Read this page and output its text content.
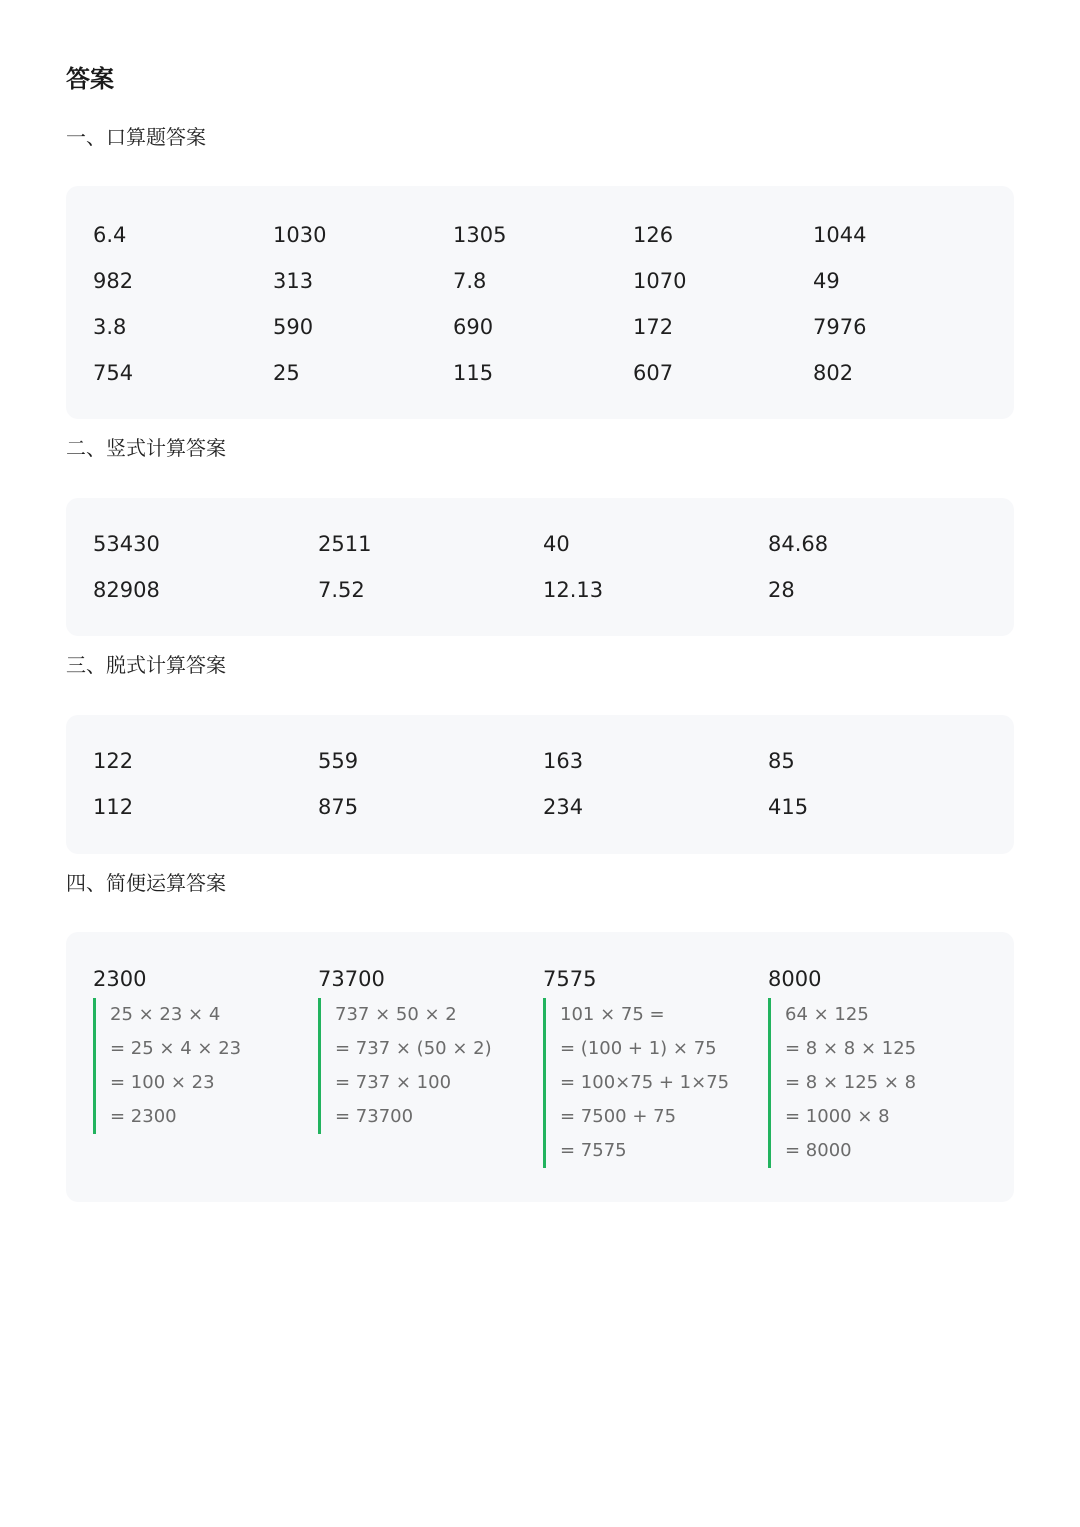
答案
一、口算题答案
6.4	1030	1305	126	1044
982	313	7.8	1070	49
3.8	590	690	172	7976
754	25	115	607	802
二、竖式计算答案
53430	2511	40	84.68
82908	7.52	12.13	28
三、脱式计算答案
122	559	163	85
112	875	234	415
四、简便运算答案
2300
25 × 23 × 4
= 25 × 4 × 23
= 100 × 23
= 2300
73700
737 × 50 × 2
= 737 × (50 × 2)
= 737 × 100
= 73700
7575
101 × 75 =
= (100 + 1) × 75
= 100×75 + 1×75
= 7500 + 75
= 7575
8000
64 × 125
= 8 × 8 × 125
= 8 × 125 × 8
= 1000 × 8
= 8000
